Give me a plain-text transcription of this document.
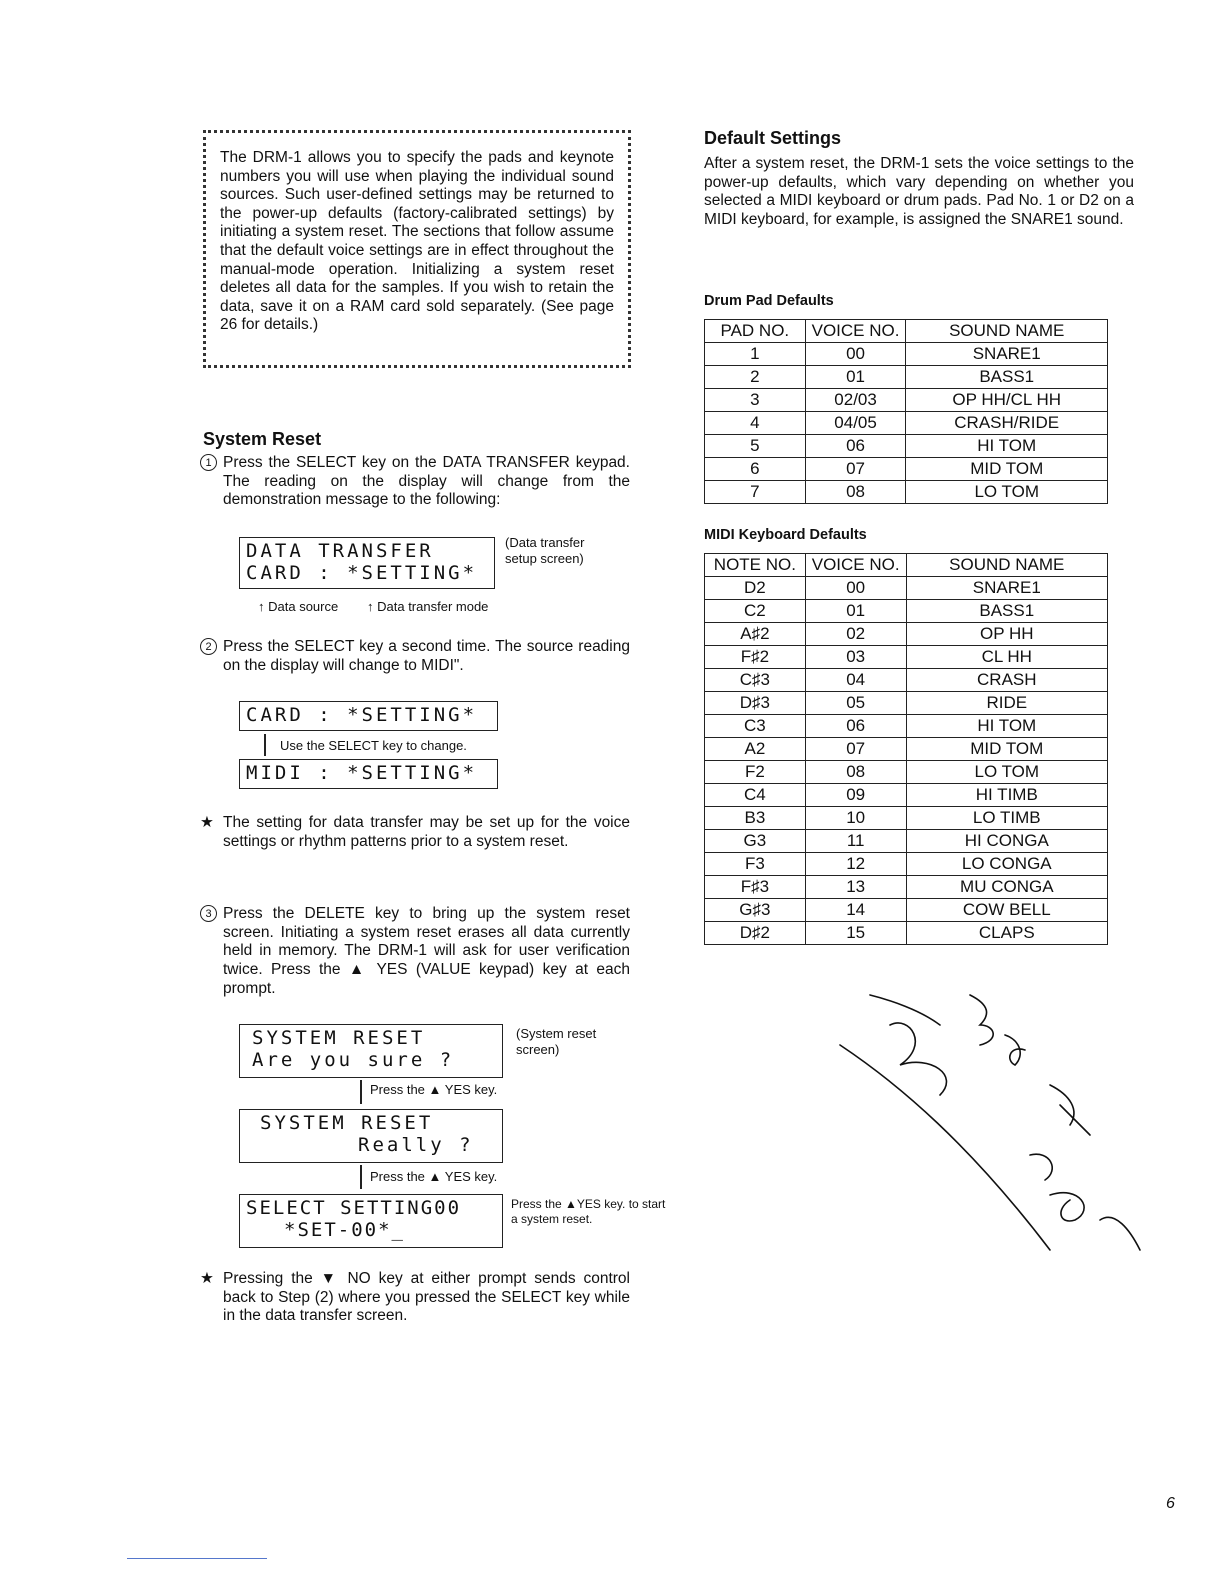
The DRM-1 allows you to specify the pads and keynote numbers you will use when playing the individual sound sources. Such user-defined settings may be returned to the power-up defaults (factory-calibrated settings) by initiating a system reset. The sections that follow assume that the default voice settings are in effect throughout the manual-mode operation. Initializing a system reset deletes all data for the samples. If you wish to retain the data, save it on a RAM card sold separately. (See page 26 for details.)
System Reset
1 Press the SELECT key on the DATA TRANSFER keypad. The reading on the display will change from the demonstration message to the following:
DATA TRANSFER
CARD : *SETTING*
(Data transfer setup screen)
↑ Data source ↑ Data transfer mode
2 Press the SELECT key a second time. The source reading on the display will change to MIDI".
CARD : *SETTING*
Use the SELECT key to change.
MIDI : *SETTING*
★ The setting for data transfer may be set up for the voice settings or rhythm patterns prior to a system reset.
3 Press the DELETE key to bring up the system reset screen. Initiating a system reset erases all data currently held in memory. The DRM-1 will ask for user verification twice. Press the ▲ YES (VALUE keypad) key at each prompt.
SYSTEM RESET
Are you sure ?
(System reset screen)
Press the ▲ YES key.
SYSTEM RESET
Really ?
Press the ▲ YES key.
SELECT SETTING00
*SET-00*_
Press the ▲YES key. to start a system reset.
★ Pressing the ▼ NO key at either prompt sends control back to Step (2) where you pressed the SELECT key while in the data transfer screen.
Default Settings
After a system reset, the DRM-1 sets the voice settings to the power-up defaults, which vary depending on whether you selected a MIDI keyboard or drum pads. Pad No. 1 or D2 on a MIDI keyboard, for example, is assigned the SNARE1 sound.
Drum Pad Defaults
PAD NO.	VOICE NO.	SOUND NAME
1	00	SNARE1
2	01	BASS1
3	02/03	OP HH/CL HH
4	04/05	CRASH/RIDE
5	06	HI TOM
6	07	MID TOM
7	08	LO TOM
MIDI Keyboard Defaults
NOTE NO.	VOICE NO.	SOUND NAME
D2	00	SNARE1
C2	01	BASS1
A♯2	02	OP HH
F♯2	03	CL HH
C♯3	04	CRASH
D♯3	05	RIDE
C3	06	HI TOM
A2	07	MID TOM
F2	08	LO TOM
C4	09	HI TIMB
B3	10	LO TIMB
G3	11	HI CONGA
F3	12	LO CONGA
F♯3	13	MU CONGA
G♯3	14	COW BELL
D♯2	15	CLAPS
6
